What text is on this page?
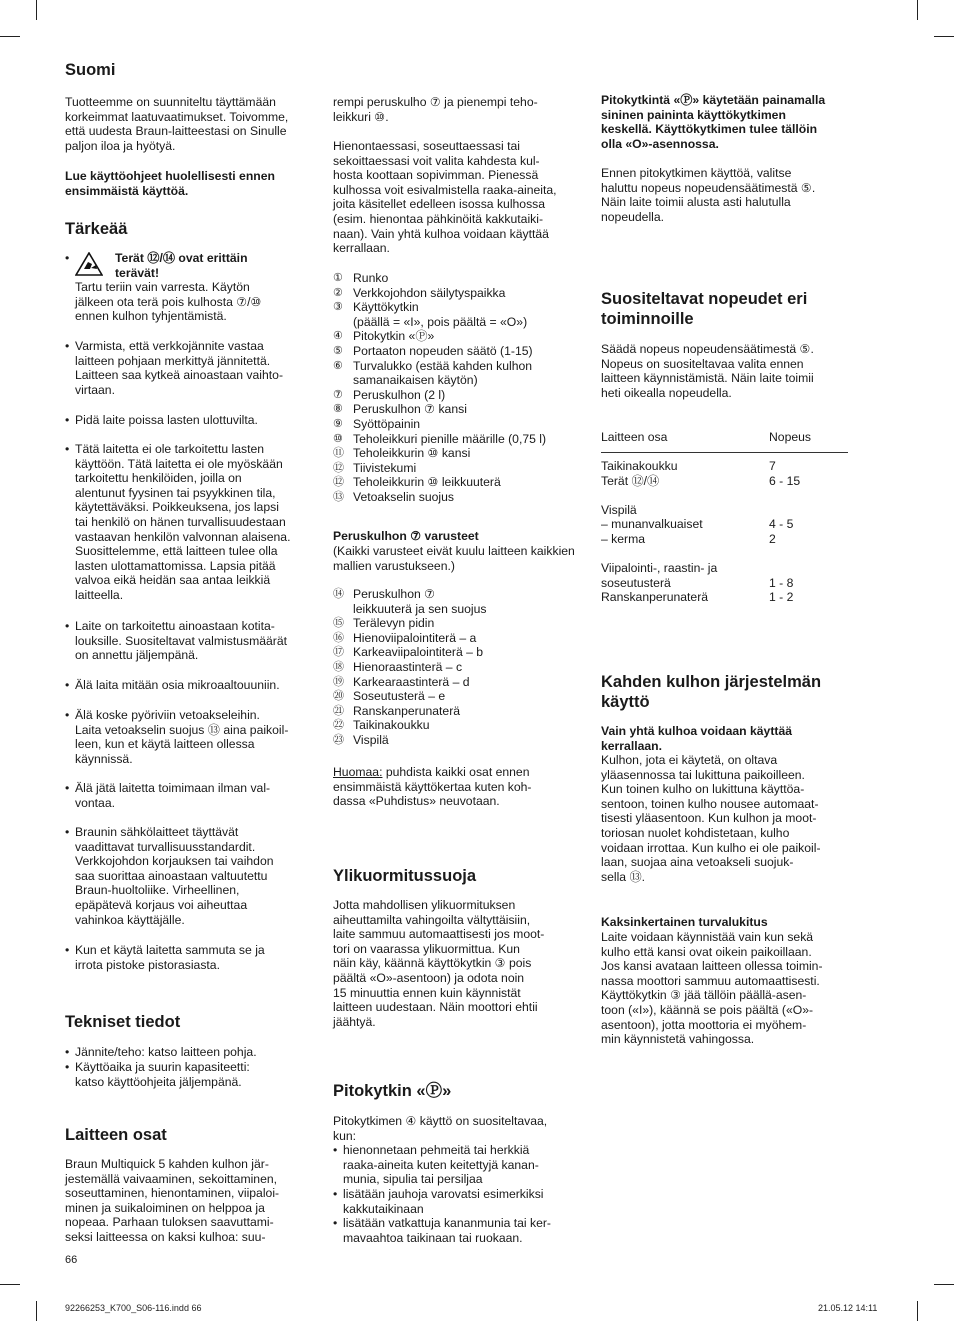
Suomi

Tuotteemme on suunniteltu täyttämään
korkeimmat laatuvaatimukset. Toivomme,
että uudesta Braun-laitteestasi on Sinulle
paljon iloa ja hyötyä.

Lue käyttöohjeet huolellisesti ennen
ensimmäistä käyttöä.

Tärkeää
•	Terät ⑫/⑭ ovat erittäin
terävät!

Tartu teriin vain varresta. Käytön
jälkeen ota terä pois kulhosta ⑦/⑩
ennen kulhon tyhjentämistä.

• Varmista, että verkkojännite vastaa
laitteen pohjaan merkittyä jännitettä.
Laitteen saa kytkeä ainoastaan vaihto-
virtaan.

• Pidä laite poissa lasten ulottuvilta.

• Tätä laitetta ei ole tarkoitettu lasten
käyttöön. Tätä laitetta ei ole myöskään
tarkoitettu henkilöiden, joilla on
alentunut fyysinen tai psyykkinen tila,
käytettäväksi. Poikkeuksena, jos lapsi
tai henkilö on hänen turvallisuudestaan
vastaavan henkilön valvonnan alaisena.
Suosittelemme, että laitteen tulee olla
lasten ulottamattomissa. Lapsia pitää
valvoa eikä heidän saa antaa leikkiä
laitteella.

• Laite on tarkoitettu ainoastaan kotita-
louksille. Suositeltavat valmistusmäärät
on annettu jäljempänä.

• Älä laita mitään osia mikroaaltouuniin.

• Älä koske pyöriviin vetoakseleihin.
Laita vetoakselin suojus ⑬ aina paikoil-
leen, kun et käytä laitteen ollessa
käynnissä.

• Älä jätä laitetta toimimaan ilman val-
vontaa.

• Braunin sähkölaitteet täyttävät
vaadittavat turvallisuusstandardit.
Verkkojohdon korjauksen tai vaihdon
saa suorittaa ainoastaan valtuutettu
Braun-huoltoliike. Virheellinen,
epäpätevä korjaus voi aiheuttaa
vahinkoa käyttäjälle.

• Kun et käytä laitetta sammuta se ja
irrota pistoke pistorasiasta.

Tekniset tiedot

• Jännite/teho: katso laitteen pohja.

• Käyttöaika ja suurin kapasiteetti:
katso käyttöohjeita jäljempänä.

Laitteen osat

Braun Multiquick 5 kahden kulhon jär-
jestemällä vaivaaminen, sekoittaminen,
soseuttaminen, hienontaminen, viipaloi-
minen ja suikaloiminen on helppoa ja
nopeaa. Parhaan tuloksen saavuttami-
seksi laitteessa on kaksi kulhoa: suu-

66

rempi peruskulho ⑦ ja pienempi teho-
leikkuri ⑩.

Hienontaessasi, soseuttaessasi tai
sekoittaessasi voit valita kahdesta kul-
hosta koottaan sopivimman. Pienessä
kulhossa voit esivalmistella raaka-aineita,
joita käsitellet edelleen isossa kulhossa
(esim. hienontaa pähkinöitä kakkutaiki-
naan). Vain yhtä kulhoa voidaan käyttää
kerrallaan.

① Runko
② Verkkojohdon säilytyspaikka
③ Käyttökytkin
(päällä = «I», pois päältä = «O»)
④ Pitokytkin «Ⓟ»
⑤ Portaaton nopeuden säätö (1-15)
⑥ Turvalukko (estää kahden kulhon
samanaikaisen käytön)
⑦ Peruskulhon (2 l)
⑧ Peruskulhon ⑦ kansi
⑨ Syöttöpainin
⑩ Teholeikkuri pienille määrille (0,75 l)
⑪ Teholeikkurin ⑩ kansi
⑫ Tiivistekumi
⑫ Teholeikkurin ⑩ leikkuuterä
⑬ Vetoakselin suojus

Peruskulhon ⑦ varusteet

(Kaikki varusteet eivät kuulu laitteen kaikkien
mallien varustukseen.)

⑭ Peruskulhon ⑦
leikkuuterä ja sen suojus
⑮ Terälevyn pidin
⑯ Hienoviipalointiterä – a
⑰ Karkeaviipalointiterä – b
⑱ Hienoraastinterä – c
⑲ Karkearaastinterä – d
⑳ Soseutusterä – e
㉑ Ranskanperunaterä
㉒ Taikinakoukku
㉓ Vispilä

Huomaa: puhdista kaikki osat ennen
ensimmäistä käyttökertaa kuten koh-
dassa «Puhdistus» neuvotaan.

Ylikuormitussuoja

Jotta mahdollisen ylikuormituksen
aiheuttamilta vahingoilta vältyttäisiin,
laite sammuu automaattisesti jos moot-
tori on vaarassa ylikuormittua. Kun
näin käy, käännä käyttökytkin ③ pois
päältä «O»-asentoon) ja odota noin
15 minuuttia ennen kuin käynnistät
laitteen uudestaan. Näin moottori ehtii
jäähtyä.

Pitokytkin «Ⓟ»

Pitokytkimen ④ käyttö on suositeltavaa,
kun:

• hienonnetaan pehmeitä tai herkkiä
raaka-aineita kuten keitettyjä kanan-
munia, sipulia tai persiljaa

• lisätään jauhoja varovatsi esimerkiksi
kakkutaikinaan

• lisätään vatkattuja kananmunia tai ker-
mavaahtoa taikinaan tai ruokaan.

Pitokytkintä «Ⓟ» käytetään painamalla
sininen paininta käyttökytkimen
keskellä. Käyttökytkimen tulee tällöin
olla «O»-asennossa.

Ennen pitokytkimen käyttöä, valitse
haluttu nopeus nopeudensäätimestä ⑤.
Näin laite toimii alusta asti halutulla
nopeudella.

Suositeltavat nopeudet eri
toiminnoille

Säädä nopeus nopeudensäätimestä ⑤.
Nopeus on suositeltavaa valita ennen
laitteen käynnistämistä. Näin laite toimii
heti oikealla nopeudella.

Laitteen osa	Nopeus
Taikinakoukku	7
Terät ⑫/⑭	6 - 15
Vispilä
– munanvalkuaiset	4 - 5
– kerma	2
Viipalointi-, raastin- ja
soseutusterä	1 - 8
Ranskanperunaterä	1 - 2
Kahden kulhon järjestelmän
käyttö

Vain yhtä kulhoa voidaan käyttää
kerrallaan.

Kulhon, jota ei käytetä, on oltava
yläasennossa tai lukittuna paikoilleen.
Kun toinen kulho on lukittuna käyttöa-
sentoon, toinen kulho nousee automaat-
tisesti yläasentoon. Kun kulhon ja moot-
toriosan nuolet kohdistetaan, kulho
voidaan irrottaa. Kun kulho ei ole paikoil-
laan, suojaa aina vetoakseli suojuk-
sella ⑬.

Kaksinkertainen turvalukitus

Laite voidaan käynnistää vain kun sekä
kulho että kansi ovat oikein paikoillaan.
Jos kansi avataan laitteen ollessa toimin-
nassa moottori sammuu automaattisesti.
Käyttökytkin ③ jää tällöin päällä-asen-
toon («I»), käännä se pois päältä («O»-
asentoon), jotta moottoria ei myöhem-
min käynnistetä vahingossa.

92266253_K700_S06-116.indd 66	21.05.12 14:11
